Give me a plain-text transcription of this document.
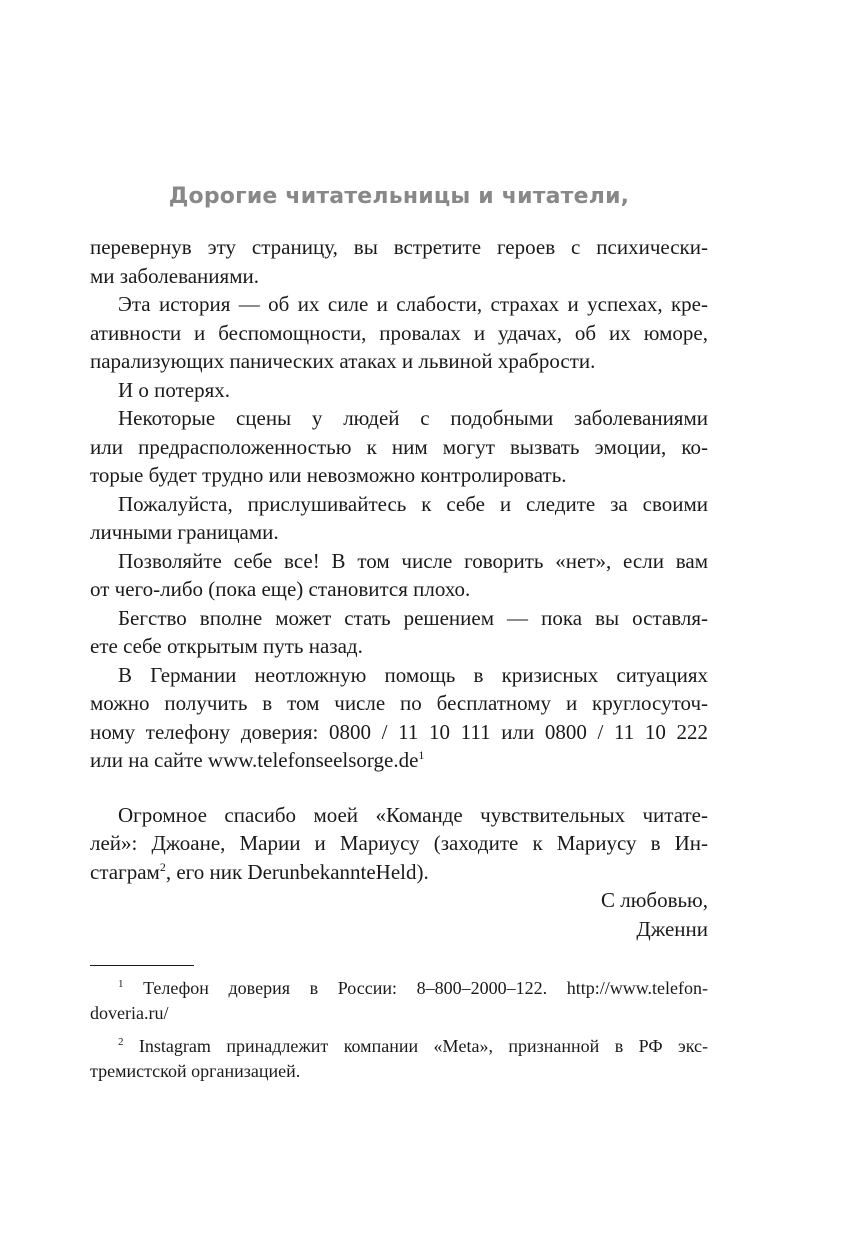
Дорогие читательницы и читатели,
перевернув эту страницу, вы встретите героев с психически-
ми заболеваниями.
Эта история — об их силе и слабости, страхах и успехах, кре-
ативности и беспомощности, провалах и удачах, об их юморе,
парализующих панических атаках и львиной храбрости.
И о потерях.
Некоторые сцены у людей с подобными заболеваниями
или предрасположенностью к ним могут вызвать эмоции, ко-
торые будет трудно или невозможно контролировать.
Пожалуйста, прислушивайтесь к себе и следите за своими
личными границами.
Позволяйте себе все! В том числе говорить «нет», если вам
от чего-либо (пока еще) становится плохо.
Бегство вполне может стать решением — пока вы оставля-
ете себе открытым путь назад.
В Германии неотложную помощь в кризисных ситуациях
можно получить в том числе по бесплатному и круглосуточ-
ному телефону доверия: 0800 / 11 10 111 или 0800 / 11 10 222
или на сайте $www.telefonseelsorge.de^1$
Огромное спасибо моей «Команде чувствительных читате-
лей»: Джоане, Марии и Мариусу (заходите к Мариусу в Ин-
стаграм$^2$, его ник DerunbekannteHeld).
С любовью,
Дженни
$^1$ Телефон доверия в России: 8–800–2000–122. http://www.telefon-
doveria.ru/
$^2$ Instagram принадлежит компании «Meta», признанной в РФ экс-
тремистской организацией.
